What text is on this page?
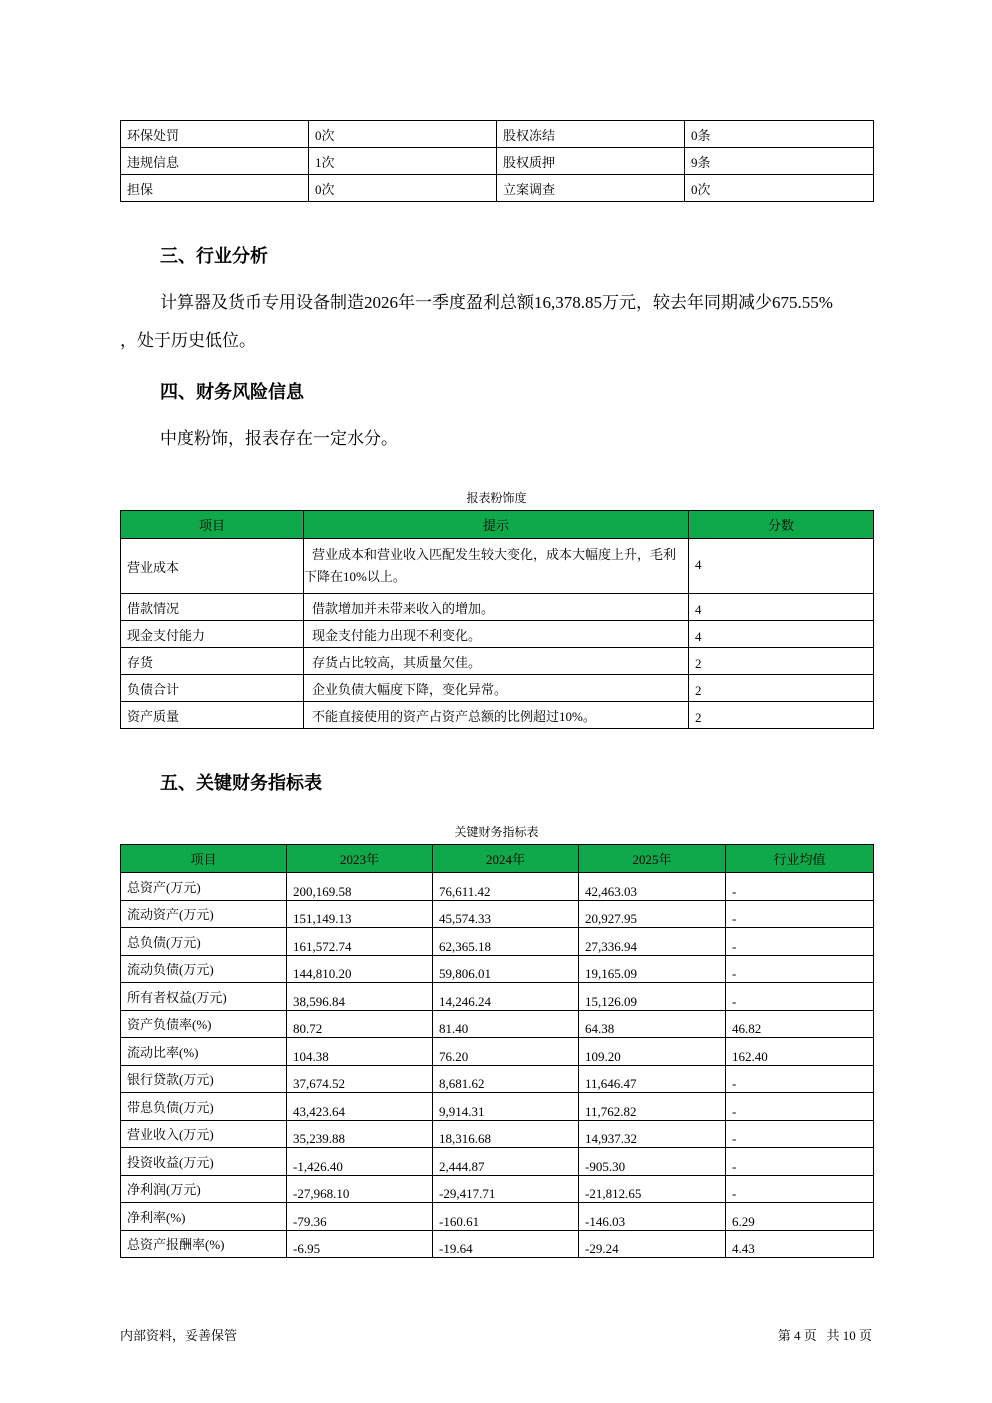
环保处罚	0次	股权冻结	0条
违规信息	1次	股权质押	9条
担保	0次	立案调查	0次
三、行业分析
计算器及货币专用设备制造2026年一季度盈利总额16,378.85万元，较去年同期减少675.55%
，处于历史低位。
四、财务风险信息
中度粉饰，报表存在一定水分。
报表粉饰度
项目	提示	分数
营业成本	营业成本和营业收入匹配发生较大变化，成本大幅度上升，毛利
下降在10%以上。	4
借款情况	借款增加并未带来收入的增加。	4
现金支付能力	现金支付能力出现不利变化。	4
存货	存货占比较高，其质量欠佳。	2
负债合计	企业负债大幅度下降，变化异常。	2
资产质量	不能直接使用的资产占资产总额的比例超过10%。	2
五、关键财务指标表
关键财务指标表
项目	2023年	2024年	2025年	行业均值
总资产(万元)	200,169.58	76,611.42	42,463.03	-
流动资产(万元)	151,149.13	45,574.33	20,927.95	-
总负债(万元)	161,572.74	62,365.18	27,336.94	-
流动负债(万元)	144,810.20	59,806.01	19,165.09	-
所有者权益(万元)	38,596.84	14,246.24	15,126.09	-
资产负债率(%)	80.72	81.40	64.38	46.82
流动比率(%)	104.38	76.20	109.20	162.40
银行贷款(万元)	37,674.52	8,681.62	11,646.47	-
带息负债(万元)	43,423.64	9,914.31	11,762.82	-
营业收入(万元)	35,239.88	18,316.68	14,937.32	-
投资收益(万元)	-1,426.40	2,444.87	-905.30	-
净利润(万元)	-27,968.10	-29,417.71	-21,812.65	-
净利率(%)	-79.36	-160.61	-146.03	6.29
总资产报酬率(%)	-6.95	-19.64	-29.24	4.43
内部资料，妥善保管	第 4 页   共 10 页
